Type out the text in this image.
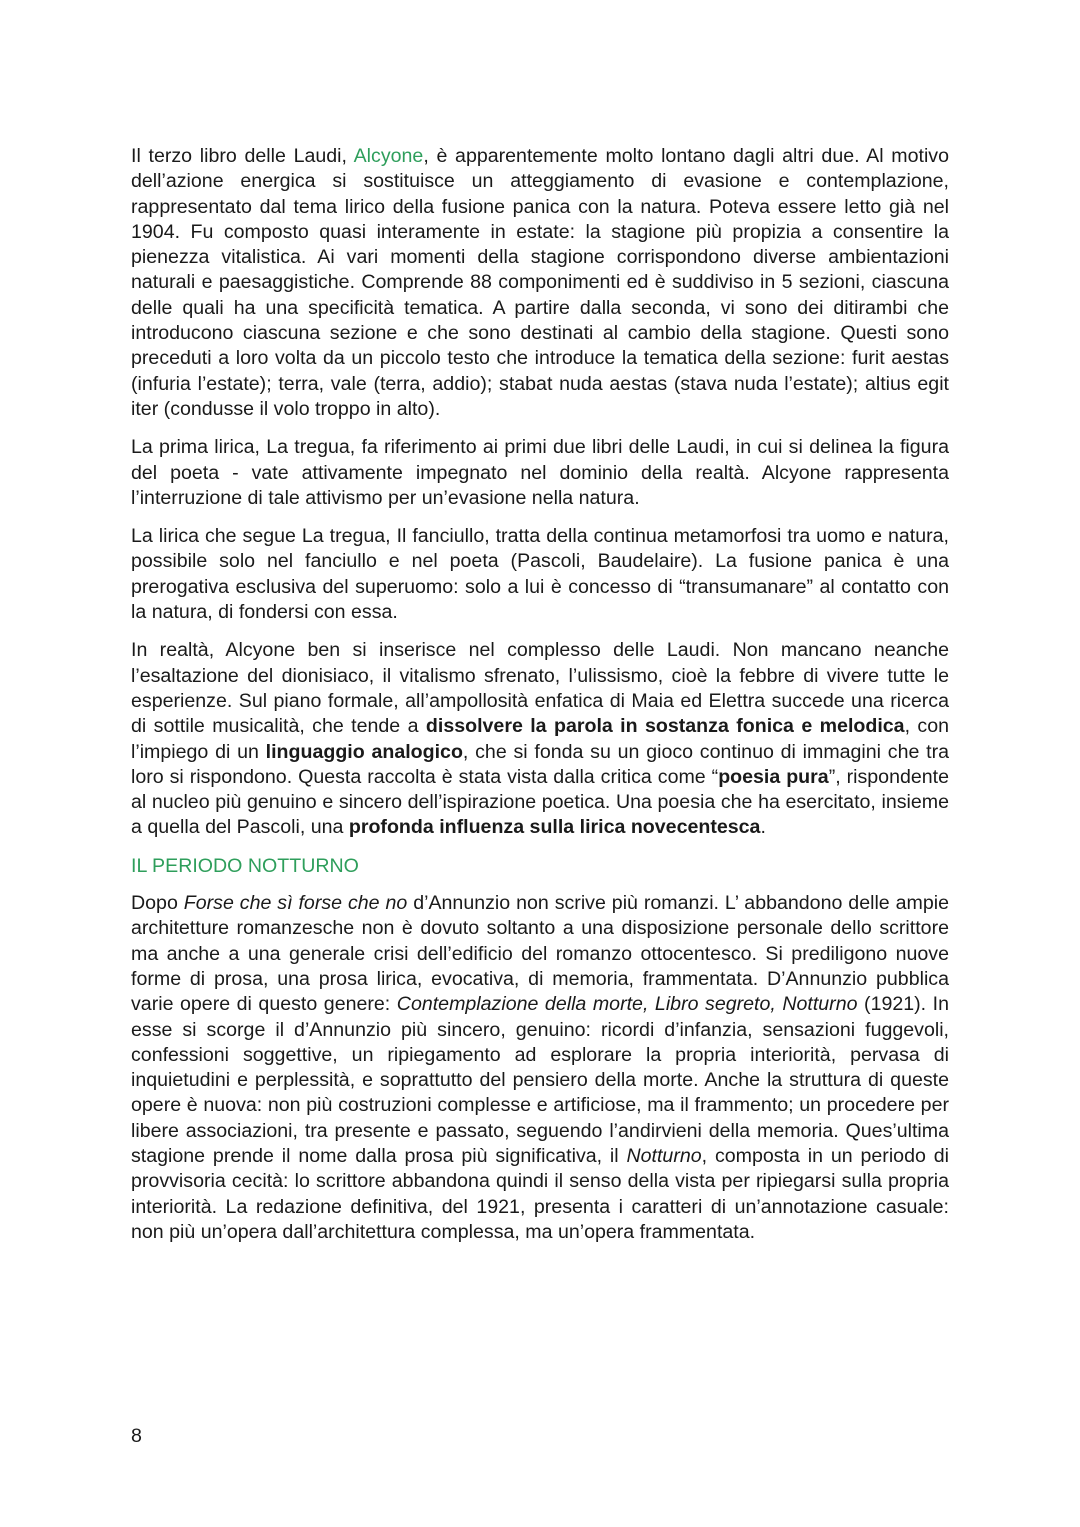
Il terzo libro delle Laudi, Alcyone, è apparentemente molto lontano dagli altri due. Al motivo dell’azione energica si sostituisce un atteggiamento di evasione e contemplazione, rappresentato dal tema lirico della fusione panica con la natura. Poteva essere letto già nel 1904. Fu composto quasi interamente in estate: la stagione più propizia a consentire la pienezza vitalistica. Ai vari momenti della stagione corrispondono diverse ambientazioni naturali e paesaggistiche. Comprende 88 componimenti ed è suddiviso in 5 sezioni, ciascuna delle quali ha una specificità tematica. A partire dalla seconda, vi sono dei ditirambi che introducono ciascuna sezione e che sono destinati al cambio della stagione. Questi sono preceduti a loro volta da un piccolo testo che introduce la tematica della sezione: furit aestas (infuria l’estate); terra, vale (terra, addio); stabat nuda aestas (stava nuda l’estate); altius egit iter (condusse il volo troppo in alto).

La prima lirica, La tregua, fa riferimento ai primi due libri delle Laudi, in cui si delinea la figura del poeta - vate attivamente impegnato nel dominio della realtà. Alcyone rappresenta l’interruzione di tale attivismo per un’evasione nella natura.

La lirica che segue La tregua, Il fanciullo, tratta della continua metamorfosi tra uomo e natura, possibile solo nel fanciullo e nel poeta (Pascoli, Baudelaire). La fusione panica è una prerogativa esclusiva del superuomo: solo a lui è concesso di “transumanare” al contatto con la natura, di fondersi con essa.

In realtà, Alcyone ben si inserisce nel complesso delle Laudi. Non mancano neanche l’esaltazione del dionisiaco, il vitalismo sfrenato, l’ulissismo, cioè la febbre di vivere tutte le esperienze. Sul piano formale, all’ampollosità enfatica di Maia ed Elettra succede una ricerca di sottile musicalità, che tende a dissolvere la parola in sostanza fonica e melodica, con l’impiego di un linguaggio analogico, che si fonda su un gioco continuo di immagini che tra loro si rispondono. Questa raccolta è stata vista dalla critica come “poesia pura”, rispondente al nucleo più genuino e sincero dell’ispirazione poetica. Una poesia che ha esercitato, insieme a quella del Pascoli, una profonda influenza sulla lirica novecentesca.

IL PERIODO NOTTURNO

Dopo Forse che sì forse che no d’Annunzio non scrive più romanzi. L’ abbandono delle ampie architetture romanzesche non è dovuto soltanto a una disposizione personale dello scrittore ma anche a una generale crisi dell’edificio del romanzo ottocentesco. Si prediligono nuove forme di prosa, una prosa lirica, evocativa, di memoria, frammentata. D’Annunzio pubblica varie opere di questo genere: Contemplazione della morte, Libro segreto, Notturno (1921). In esse si scorge il d’Annunzio più sincero, genuino: ricordi d’infanzia, sensazioni fuggevoli, confessioni soggettive, un ripiegamento ad esplorare la propria interiorità, pervasa di inquietudini e perplessità, e soprattutto del pensiero della morte. Anche la struttura di queste opere è nuova: non più costruzioni complesse e artificiose, ma il frammento; un procedere per libere associazioni, tra presente e passato, seguendo l’andirvieni della memoria. Ques’ultima stagione prende il nome dalla prosa più significativa, il Notturno, composta in un periodo di provvisoria cecità: lo scrittore abbandona quindi il senso della vista per ripiegarsi sulla propria interiorità. La redazione definitiva, del 1921, presenta i caratteri di un’annotazione casuale: non più un’opera dall’architettura complessa, ma un’opera frammentata.

8
